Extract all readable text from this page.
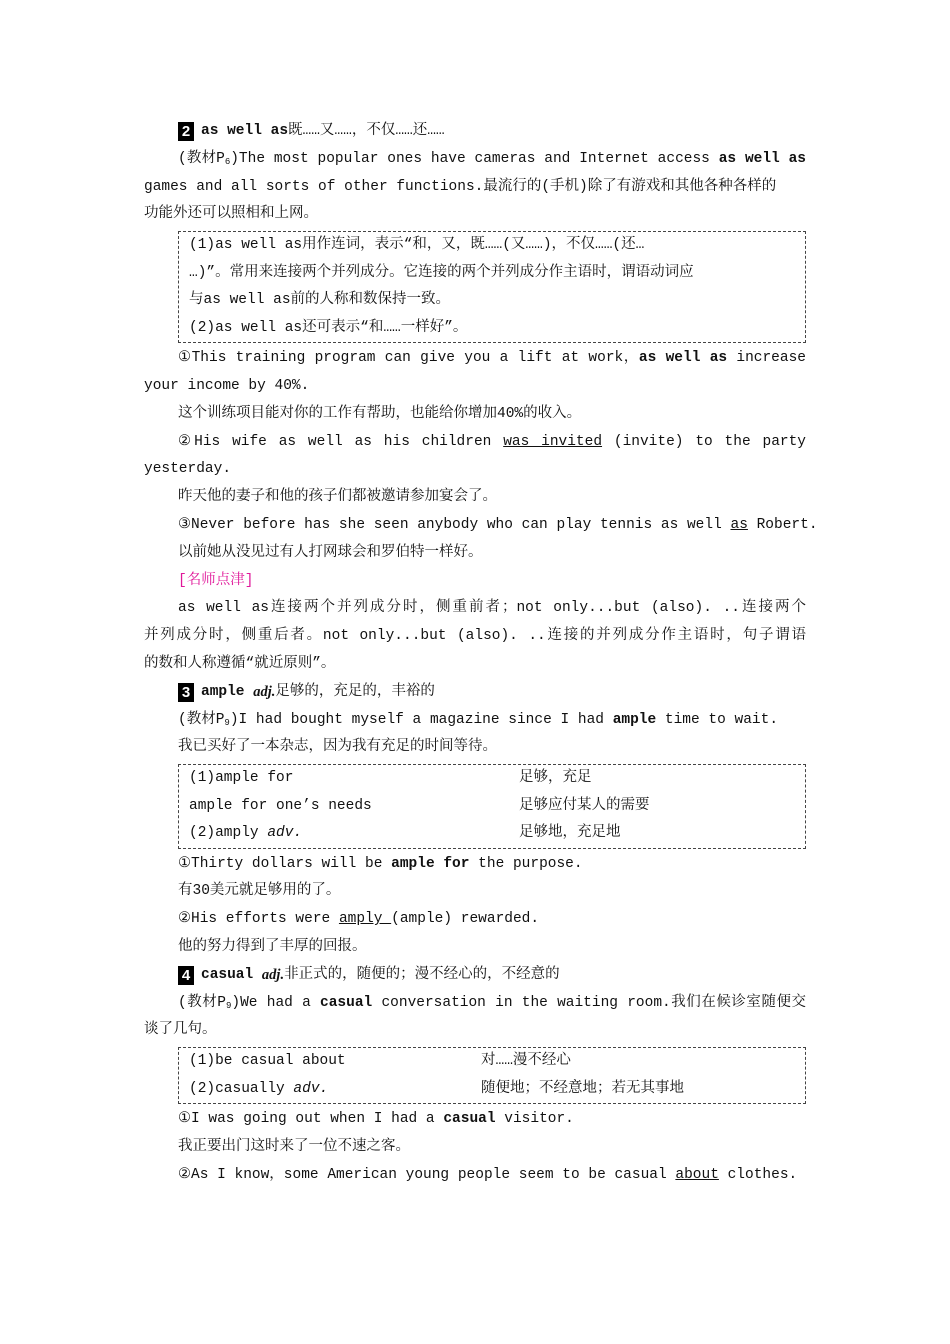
2 as well as 既……又……，不仅……还……
(教材$P_6)The$ most popular ones have cameras and Internet access as well as
games and all sorts of other functions.最流行的(手机)除了有游戏和其他各种各样的
功能外还可以照相和上网。
(1)as well as用作连词，表示“和，又，既……(又……)，不仅……(还…
…)”。常用来连接两个并列成分。它连接的两个并列成分作主语时，谓语动词应
与as well as前的人称和数保持一致。
(2)as well as还可表示“和……一样好”。
①This training program can give you a lift at work，as well as increase
your income by 40%.
这个训练项目能对你的工作有帮助，也能给你增加40%的收入。
②His wife as well as his children was invited (invite) to the party
yesterday.
昨天他的妻子和他的孩子们都被邀请参加宴会了。
③Never before has she seen anybody who can play tennis as well as Robert.
以前她从没见过有人打网球会和罗伯特一样好。
[名师点津]
as well as连接两个并列成分时，侧重前者；not only...but (also). ..连接两个
并列成分时，侧重后者。not only...but (also). ..连接的并列成分作主语时，句子谓语
的数和人称遵循“就近原则”。
3 ample
adj. 足够的，充足的，丰裕的
(教材$P_9)I$ had bought myself a magazine since I had ample time to wait.
我已买好了一本杂志，因为我有充足的时间等待。
(1)ample for	足够，充足
ample for one’s needs	足够应付某人的需要
(2)amply adv.	足够地，充足地
①Thirty dollars will be ample for the purpose.
有30美元就足够用的了。
②His efforts were amply (ample) rewarded.
他的努力得到了丰厚的回报。
4 casual
adj. 非正式的，随便的；漫不经心的，不经意的
(教材$P_9)We$ had a casual conversation in the waiting room.我们在候诊室随便交
谈了几句。
(1)be casual about	对……漫不经心
(2)casually adv.	随便地；不经意地；若无其事地
①I was going out when I had a casual visitor.
我正要出门这时来了一位不速之客。
②As I know，some American young people seem to be casual about clothes.
